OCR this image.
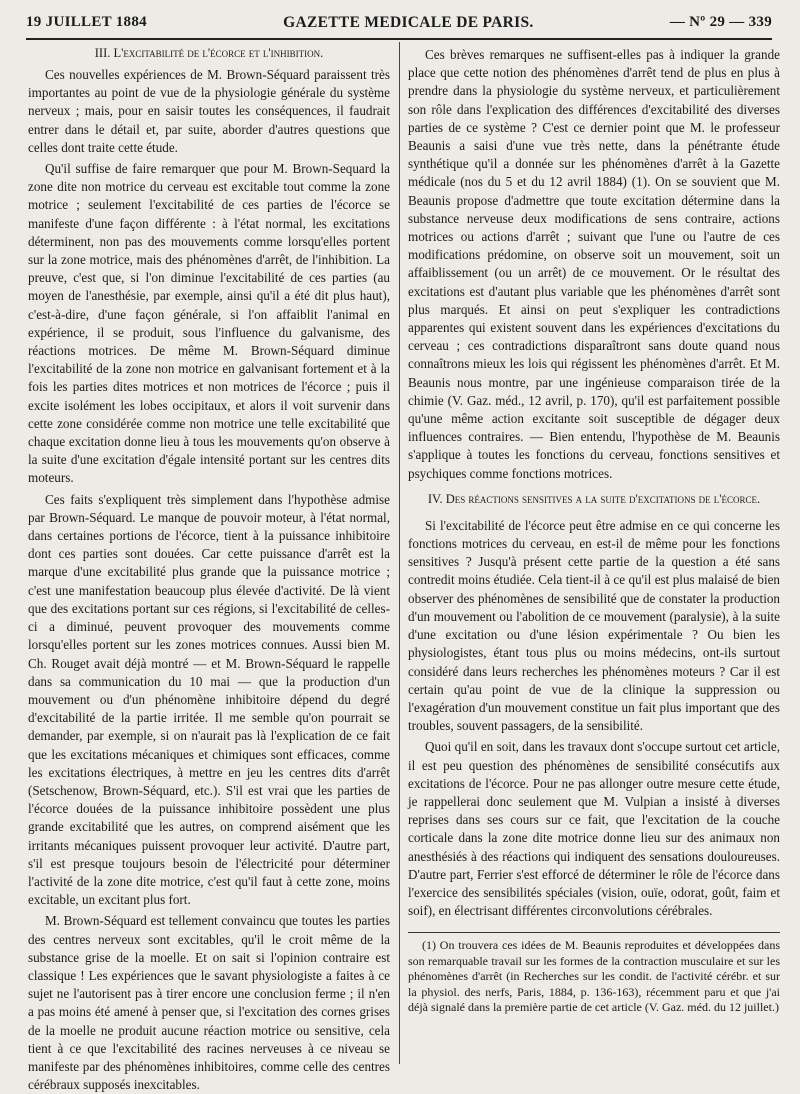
19 JUILLET 1884	GAZETTE MEDICALE DE PARIS.	— Nº 29 — 339
III. L'excitabilité de l'écorce et l'inhibition.

Ces nouvelles expériences de M. Brown-Séquard paraissent très importantes au point de vue de la physiologie générale du système nerveux ; mais, pour en saisir toutes les conséquences, il faudrait entrer dans le détail et, par suite, aborder d'autres questions que celles dont traite cette étude.

Qu'il suffise de faire remarquer que pour M. Brown-Sequard la zone dite non motrice du cerveau est excitable tout comme la zone motrice ; seulement l'excitabilité de ces parties de l'écorce se manifeste d'une façon différente : à l'état normal, les excitations déterminent, non pas des mouvements comme lorsqu'elles portent sur la zone motrice, mais des phénomènes d'arrêt, de l'inhibition. La preuve, c'est que, si l'on diminue l'excitabilité de ces parties (au moyen de l'anesthésie, par exemple, ainsi qu'il a été dit plus haut), c'est-à-dire, d'une façon générale, si l'on affaiblit l'animal en expérience, il se produit, sous l'influence du galvanisme, des réactions motrices. De même M. Brown-Séquard diminue l'excitabilité de la zone non motrice en galvanisant fortement et à la fois les parties dites motrices et non motrices de l'écorce ; puis il excite isolément les lobes occipitaux, et alors il voit survenir dans cette zone considérée comme non motrice une telle excitabilité que chaque excitation donne lieu à tous les mouvements qu'on observe à la suite d'une excitation d'égale intensité portant sur les centres dits moteurs.

Ces faits s'expliquent très simplement dans l'hypothèse admise par Brown-Séquard. Le manque de pouvoir moteur, à l'état normal, dans certaines portions de l'écorce, tient à la puissance inhibitoire dont ces parties sont douées. Car cette puissance d'arrêt est la marque d'une excitabilité plus grande que la puissance motrice ; c'est une manifestation beaucoup plus élevée d'activité. De là vient que des excitations portant sur ces régions, si l'excitabilité de celles-ci a diminué, peuvent provoquer des mouvements comme lorsqu'elles portent sur les zones motrices connues. Aussi bien M. Ch. Rouget avait déjà montré — et M. Brown-Séquard le rappelle dans sa communication du 10 mai — que la production d'un mouvement ou d'un phénomène inhibitoire dépend du degré d'excitabilité de la partie irritée. Il me semble qu'on pourrait se demander, par exemple, si on n'aurait pas là l'explication de ce fait que les excitations mécaniques et chimiques sont efficaces, comme les excitations électriques, à mettre en jeu les centres dits d'arrêt (Setschenow, Brown-Séquard, etc.). S'il est vrai que les parties de l'écorce douées de la puissance inhibitoire possèdent une plus grande excitabilité que les autres, on comprend aisément que les irritants mécaniques puissent provoquer leur activité. D'autre part, s'il est presque toujours besoin de l'électricité pour déterminer l'activité de la zone dite motrice, c'est qu'il faut à cette zone, moins excitable, un excitant plus fort.

M. Brown-Séquard est tellement convaincu que toutes les parties des centres nerveux sont excitables, qu'il le croit même de la substance grise de la moelle. Et on sait si l'opinion contraire est classique ! Les expériences que le savant physiologiste a faites à ce sujet ne l'autorisent pas à tirer encore une conclusion ferme ; il n'en a pas moins été amené à penser que, si l'excitation des cornes grises de la moelle ne produit aucune réaction motrice ou sensitive, cela tient à ce que l'excitabilité des racines nerveuses à ce niveau se manifeste par des phénomènes inhibitoires, comme celle des centres cérébraux supposés inexcitables.

Ces brèves remarques ne suffisent-elles pas à indiquer la grande place que cette notion des phénomènes d'arrêt tend de plus en plus à prendre dans la physiologie du système nerveux, et particulièrement son rôle dans l'explication des différences d'excitabilité des diverses parties de ce système ? C'est ce dernier point que M. le professeur Beaunis a saisi d'une vue très nette, dans la pénétrante étude synthétique qu'il a donnée sur les phénomènes d'arrêt à la Gazette médicale (nos du 5 et du 12 avril 1884) (1). On se souvient que M. Beaunis propose d'admettre que toute excitation détermine dans la substance nerveuse deux modifications de sens contraire, actions motrices ou actions d'arrêt ; suivant que l'une ou l'autre de ces modifications prédomine, on observe soit un mouvement, soit un affaiblissement (ou un arrêt) de ce mouvement. Or le résultat des excitations est d'autant plus variable que les phénomènes d'arrêt sont plus marqués. Et ainsi on peut s'expliquer les contradictions apparentes qui existent souvent dans les expériences d'excitations du cerveau ; ces contradictions disparaîtront sans doute quand nous connaîtrons mieux les lois qui régissent les phénomènes d'arrêt. Et M. Beaunis nous montre, par une ingénieuse comparaison tirée de la chimie (V. Gaz. méd., 12 avril, p. 170), qu'il est parfaitement possible qu'une même action excitante soit susceptible de dégager deux influences contraires. — Bien entendu, l'hypothèse de M. Beaunis s'applique à toutes les fonctions du cerveau, fonctions sensitives et psychiques comme fonctions motrices.

IV. Des réactions sensitives a la suite d'excitations de l'écorce.

Si l'excitabilité de l'écorce peut être admise en ce qui concerne les fonctions motrices du cerveau, en est-il de même pour les fonctions sensitives ? Jusqu'à présent cette partie de la question a été sans contredit moins étudiée. Cela tient-il à ce qu'il est plus malaisé de bien observer des phénomènes de sensibilité que de constater la production d'un mouvement ou l'abolition de ce mouvement (paralysie), à la suite d'une excitation ou d'une lésion expérimentale ? Ou bien les physiologistes, étant tous plus ou moins médecins, ont-ils surtout considéré dans leurs recherches les phénomènes moteurs ? Car il est certain qu'au point de vue de la clinique la suppression ou l'exagération d'un mouvement constitue un fait plus important que des troubles, souvent passagers, de la sensibilité.

Quoi qu'il en soit, dans les travaux dont s'occupe surtout cet article, il est peu question des phénomènes de sensibilité consécutifs aux excitations de l'écorce. Pour ne pas allonger outre mesure cette étude, je rappellerai donc seulement que M. Vulpian a insisté à diverses reprises dans ses cours sur ce fait, que l'excitation de la couche corticale dans la zone dite motrice donne lieu sur des animaux non anesthésiés à des réactions qui indiquent des sensations douloureuses. D'autre part, Ferrier s'est efforcé de déterminer le rôle de l'écorce dans l'exercice des sensibilités spéciales (vision, ouïe, odorat, goût, faim et soif), en électrisant différentes circonvolutions cérébrales.

(1) On trouvera ces idées de M. Beaunis reproduites et développées dans son remarquable travail sur les formes de la contraction musculaire et sur les phénomènes d'arrêt (in Recherches sur les condit. de l'activité cérébr. et sur la physiol. des nerfs, Paris, 1884, p. 136-163), récemment paru et que j'ai déjà signalé dans la première partie de cet article (V. Gaz. méd. du 12 juillet.)
